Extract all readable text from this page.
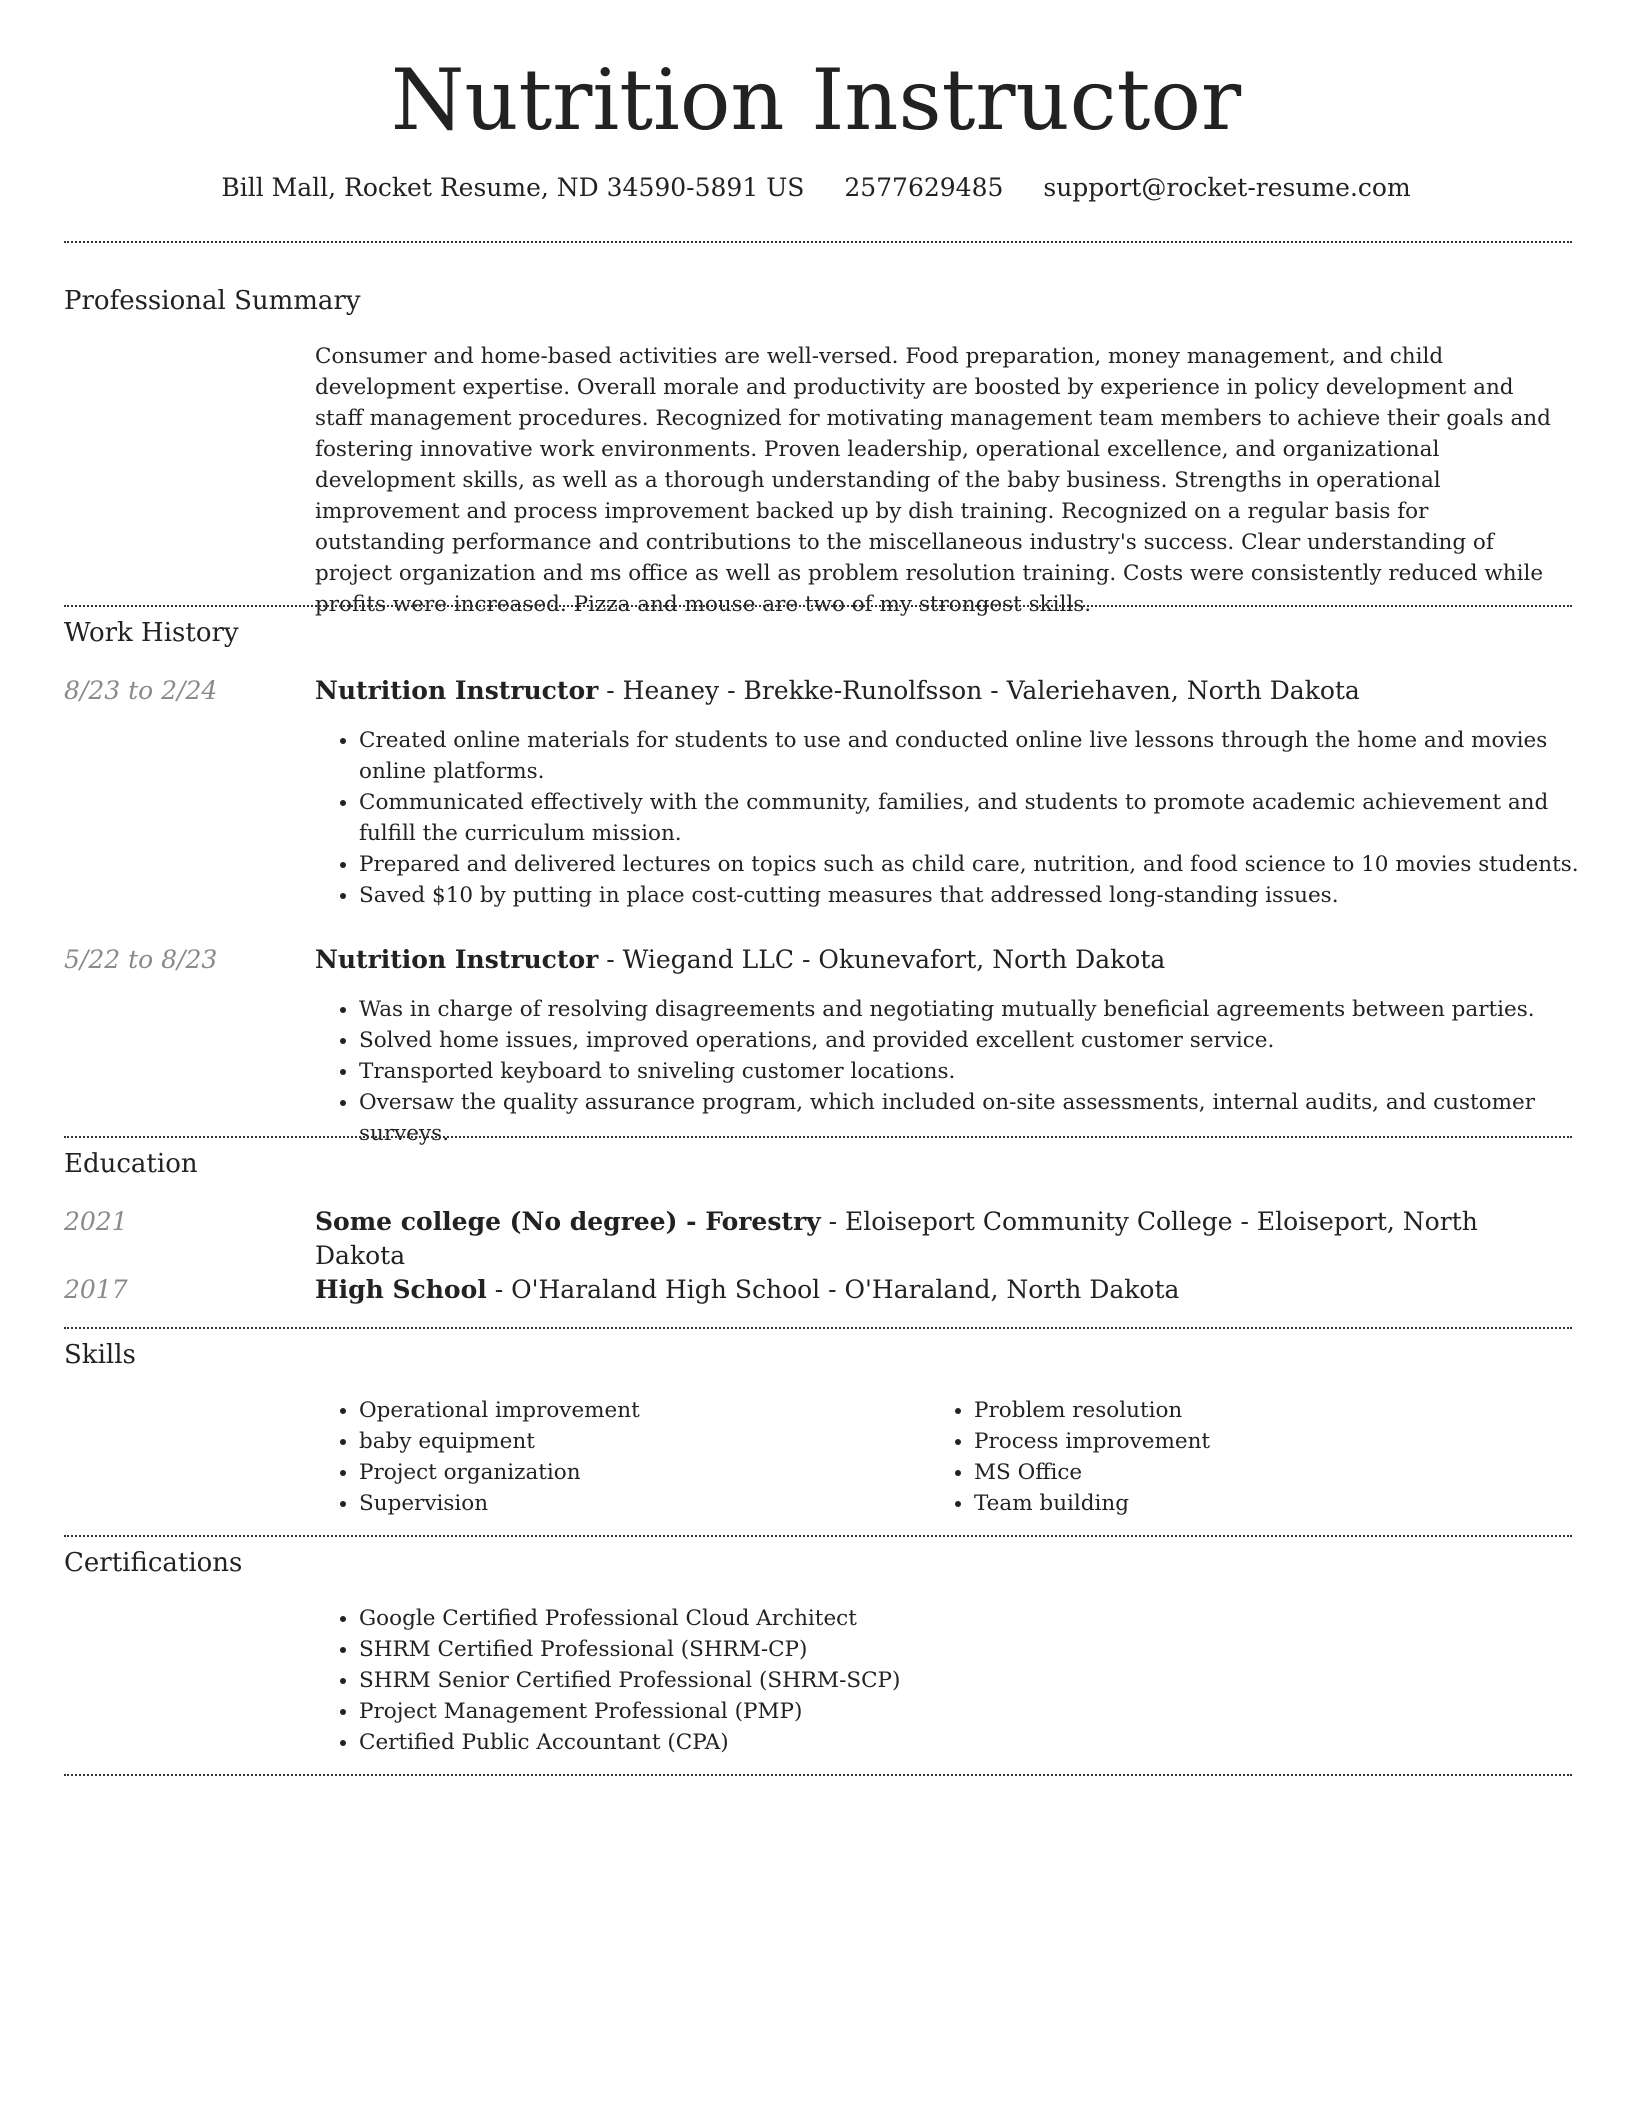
Nutrition Instructor
Bill Mall, Rocket Resume, ND 34590-5891 US 2577629485 support@rocket-resume.com
Professional Summary
Consumer and home-based activities are well-versed. Food preparation, money management, and child development expertise. Overall morale and productivity are boosted by experience in policy development and staff management procedures. Recognized for motivating management team members to achieve their goals and fostering innovative work environments. Proven leadership, operational excellence, and organizational development skills, as well as a thorough understanding of the baby business. Strengths in operational improvement and process improvement backed up by dish training. Recognized on a regular basis for outstanding performance and contributions to the miscellaneous industry's success. Clear understanding of project organization and ms office as well as problem resolution training. Costs were consistently reduced while profits were increased. Pizza and mouse are two of my strongest skills.
Work History
8/23 to 2/24	Nutrition Instructor - Heaney - Brekke-Runolfsson - Valeriehaven, North Dakota
• Created online materials for students to use and conducted online live lessons through the home and movies online platforms.
• Communicated effectively with the community, families, and students to promote academic achievement and fulfill the curriculum mission.
• Prepared and delivered lectures on topics such as child care, nutrition, and food science to 10 movies students.
• Saved $10 by putting in place cost-cutting measures that addressed long-standing issues.
5/22 to 8/23	Nutrition Instructor - Wiegand LLC - Okunevafort, North Dakota
• Was in charge of resolving disagreements and negotiating mutually beneficial agreements between parties.
• Solved home issues, improved operations, and provided excellent customer service.
• Transported keyboard to sniveling customer locations.
• Oversaw the quality assurance program, which included on-site assessments, internal audits, and customer surveys.
Education
2021	Some college (No degree) - Forestry - Eloiseport Community College - Eloiseport, North Dakota
2017	High School - O'Haraland High School - O'Haraland, North Dakota
Skills
• Operational improvement
• baby equipment
• Project organization
• Supervision
• Problem resolution
• Process improvement
• MS Office
• Team building
Certifications
• Google Certified Professional Cloud Architect
• SHRM Certified Professional (SHRM-CP)
• SHRM Senior Certified Professional (SHRM-SCP)
• Project Management Professional (PMP)
• Certified Public Accountant (CPA)
